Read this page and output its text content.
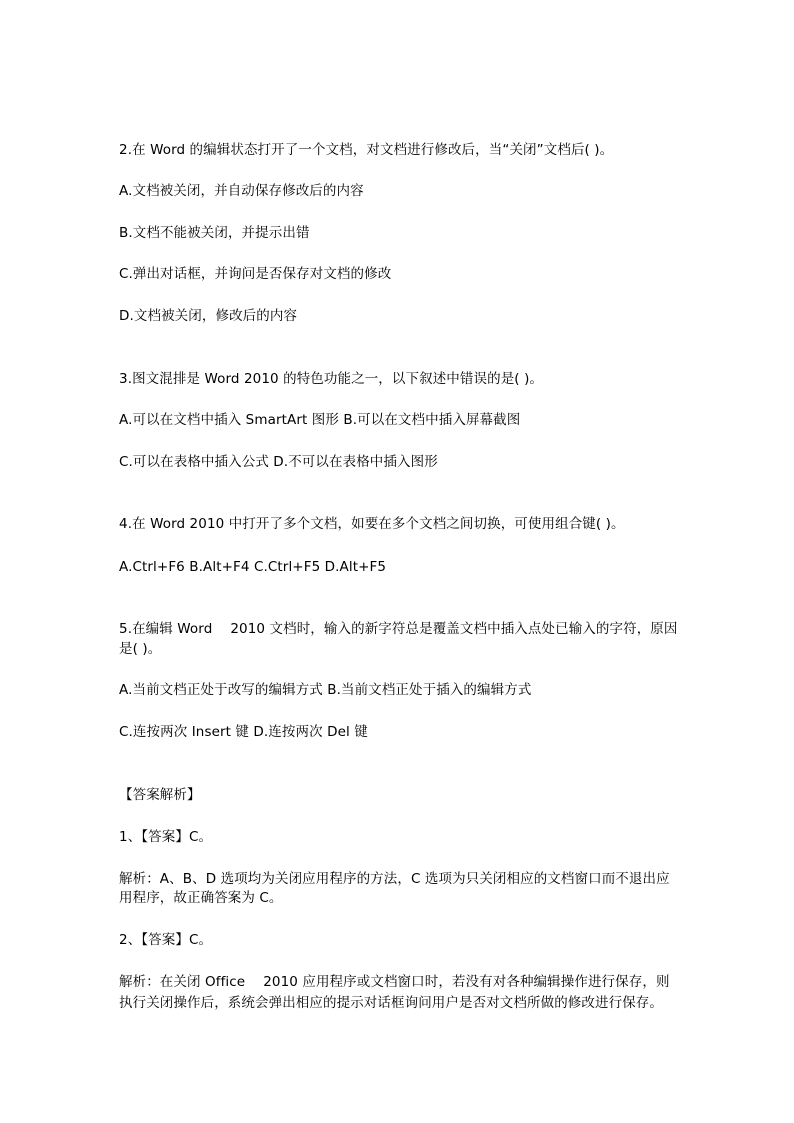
2.在 Word 的编辑状态打开了一个文档，对文档进行修改后，当“关闭”文档后( )。
A.文档被关闭，并自动保存修改后的内容
B.文档不能被关闭，并提示出错
C.弹出对话框，并询问是否保存对文档的修改
D.文档被关闭，修改后的内容
3.图文混排是 Word 2010 的特色功能之一，以下叙述中错误的是( )。
A.可以在文档中插入 SmartArt 图形 B.可以在文档中插入屏幕截图
C.可以在表格中插入公式 D.不可以在表格中插入图形
4.在 Word 2010 中打开了多个文档，如要在多个文档之间切换，可使用组合键( )。
A.Ctrl+F6 B.Alt+F4 C.Ctrl+F5 D.Alt+F5
5.在编辑 Word　 2010 文档时，输入的新字符总是覆盖文档中插入点处已输入的字符，原因
是( )。
A.当前文档正处于改写的编辑方式 B.当前文档正处于插入的编辑方式
C.连按两次 Insert 键 D.连按两次 Del 键
【答案解析】
1、【答案】C。
解析：A、B、D 选项均为关闭应用程序的方法，C 选项为只关闭相应的文档窗口而不退出应
用程序，故正确答案为 C。
2、【答案】C。
解析：在关闭 Office　 2010 应用程序或文档窗口时，若没有对各种编辑操作进行保存，则
执行关闭操作后，系统会弹出相应的提示对话框询问用户是否对文档所做的修改进行保存。
